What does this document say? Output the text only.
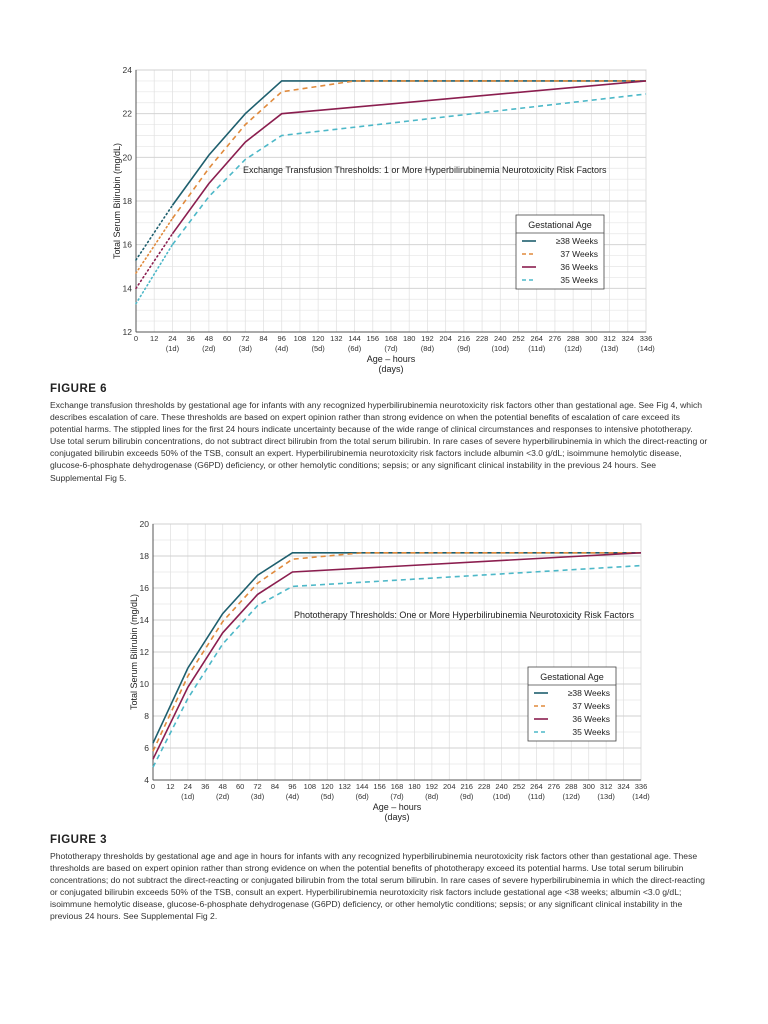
12
14
16
18
20
22
24
0 12 24 36 48 60 72 84 96 108 120 132 144 156 168 180 192 204 216 228 240 252 264 276 288 300 312 324 336
(1d)	(2d)	(3d)	(4d)	(5d)	(6d)	(7d)	(8d)	(9d)	(10d)	(11d)	(12d)	(13d)	(14d)
Age – hours
(days)
Total Serum Bilirubin (mg/dL)	Exchange Transfusion Thresholds: 1 or More Hyperbilirubinemia Neurotoxicity Risk Factors
Gestational Age
≥38 Weeks
37 Weeks
36 Weeks
35 Weeks
FIGURE 6

Exchange transfusion thresholds by gestational age for infants with any recognized hyperbilirubinemia neurotoxicity risk factors other than gestational age. See Fig 4, which describes escalation of care. These thresholds are based on expert opinion rather than strong evidence on when the potential benefits of escalation of care exceed its potential harms. The stippled lines for the first 24 hours indicate uncertainty because of the wide range of clinical circumstances and responses to intensive phototherapy. Use total serum bilirubin concentrations, do not subtract direct bilirubin from the total serum bilirubin. In rare cases of severe hyperbilirubinemia in which the direct-reacting or conjugated bilirubin exceeds 50% of the TSB, consult an expert. Hyperbilirubinemia neurotoxicity risk factors include albumin <3.0 g/dL; isoimmune hemolytic disease, glucose-6-phosphate dehydrogenase (G6PD) deficiency, or other hemolytic conditions; sepsis; or any significant clinical instability in the previous 24 hours. See Supplemental Fig 5.

4
6
8
10
12
14
16
18
20
0 12 24 36 48 60 72 84 96 108 120 132 144 156 168 180 192 204 216 228 240 252 264 276 288 300 312 324 336
(1d)	(2d)	(3d)	(4d)	(5d)	(6d)	(7d)	(8d)	(9d)	(10d) (11d) (12d) (13d) (14d)
Age – hours
(days)
Total Serum Bilirubin (mg/dL)	Phototherapy Thresholds: One or More Hyperbilirubinemia Neurotoxicity Risk Factors
Gestational Age
≥38 Weeks
37 Weeks
36 Weeks
35 Weeks
FIGURE 3

Phototherapy thresholds by gestational age and age in hours for infants with any recognized hyperbilirubinemia neurotoxicity risk factors other than gestational age. These thresholds are based on expert opinion rather than strong evidence on when the potential benefits of phototherapy exceed its potential harms. Use total serum bilirubin concentrations; do not subtract the direct-reacting or conjugated bilirubin from the total serum bilirubin. In rare cases of severe hyperbilirubinemia in which the direct-reacting or conjugated bilirubin exceeds 50% of the TSB, consult an expert. Hyperbilirubinemia neurotoxicity risk factors include gestational age <38 weeks; albumin <3.0 g/dL; isoimmune hemolytic disease, glucose-6-phosphate dehydrogenase (G6PD) deficiency, or other hemolytic conditions; sepsis; or any significant clinical instability in the previous 24 hours. See Supplemental Fig 2.
